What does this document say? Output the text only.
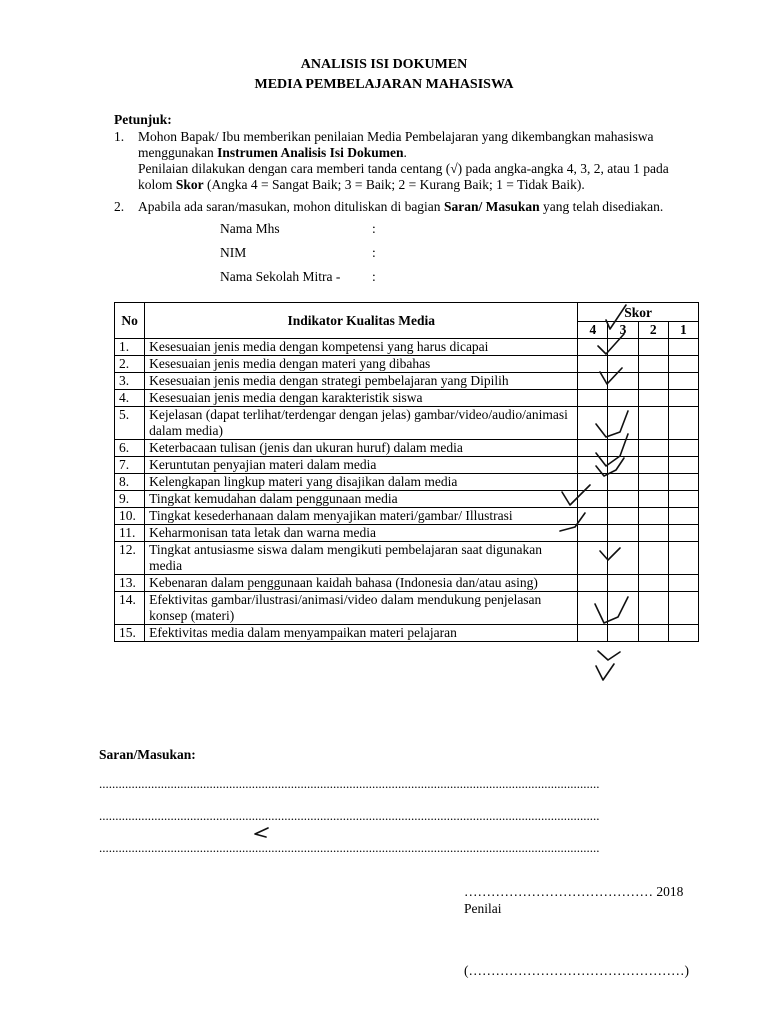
ANALISIS ISI DOKUMEN
MEDIA PEMBELAJARAN MAHASISWA
Petunjuk:
1. Mohon Bapak/ Ibu memberikan penilaian Media Pembelajaran yang dikembangkan mahasiswa
menggunakan Instrumen Analisis Isi Dokumen.
Penilaian dilakukan dengan cara memberi tanda centang (√) pada angka-angka 4, 3, 2, atau 1 pada
kolom Skor (Angka 4 = Sangat Baik; 3 = Baik; 2 = Kurang Baik; 1 = Tidak Baik).
2. Apabila ada saran/masukan, mohon dituliskan di bagian Saran/ Masukan yang telah disediakan.
Nama Mhs	:
NIM	:
Nama Sekolah Mitra - :
No	Indikator Kualitas Media	Skor			
		4	3	2	1
1.	Kesesuaian jenis media dengan kompetensi yang harus dicapai				
2.	Kesesuaian jenis media dengan materi yang dibahas				
3.	Kesesuaian jenis media dengan strategi pembelajaran yang Dipilih				
4.	Kesesuaian jenis media dengan karakteristik siswa				
5.	Kejelasan (dapat terlihat/terdengar dengan jelas) gambar/video/audio/animasi dalam media)				
6.	Keterbacaan tulisan (jenis dan ukuran huruf) dalam media				
7.	Keruntutan penyajian materi dalam media				
8.	Kelengkapan lingkup materi yang disajikan dalam media				
9.	Tingkat kemudahan dalam penggunaan media				
10.	Tingkat kesederhanaan dalam menyajikan materi/gambar/ Illustrasi				
11.	Keharmonisan tata letak dan warna media				
12.	Tingkat antusiasme siswa dalam mengikuti pembelajaran saat digunakan media				
13.	Kebenaran dalam penggunaan kaidah bahasa (Indonesia dan/atau asing)				
14.	Efektivitas gambar/ilustrasi/animasi/video dalam mendukung penjelasan konsep (materi)				
15.	Efektivitas media dalam menyampaikan materi pelajaran				
Saran/Masukan:
..........................................................................................................................................................
..........................................................................................................................................................
..........................................................................................................................................................
…………………………………… 2018
Penilai
(…………………………………………)
